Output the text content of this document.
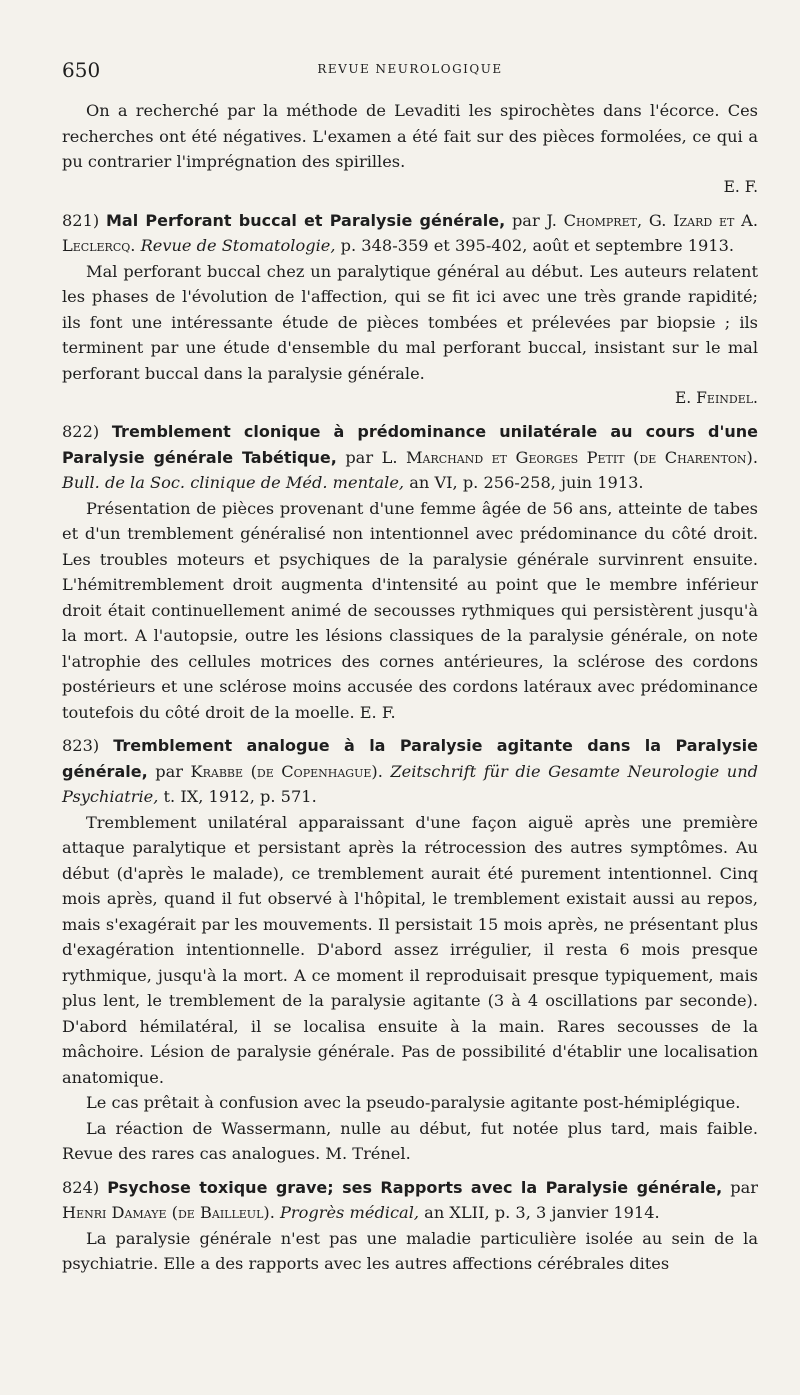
650	REVUE NEUROLOGIQUE

On a recherché par la méthode de Levaditi les spirochètes dans l'écorce. Ces recherches ont été négatives. L'examen a été fait sur des pièces formolées, ce qui a pu contrarier l'imprégnation des spirilles.

E. F.

821) Mal Perforant buccal et Paralysie générale, par J. Chompret, G. Izard et A. Leclercq. Revue de Stomatologie, p. 348-359 et 395-402, août et septembre 1913.

Mal perforant buccal chez un paralytique général au début. Les auteurs relatent les phases de l'évolution de l'affection, qui se fit ici avec une très grande rapidité; ils font une intéressante étude de pièces tombées et prélevées par biopsie ; ils terminent par une étude d'ensemble du mal perforant buccal, insistant sur le mal perforant buccal dans la paralysie générale.

E. Feindel.

822) Tremblement clonique à prédominance unilatérale au cours d'une Paralysie générale Tabétique, par L. Marchand et Georges Petit (de Charenton). Bull. de la Soc. clinique de Méd. mentale, an VI, p. 256-258, juin 1913.

Présentation de pièces provenant d'une femme âgée de 56 ans, atteinte de tabes et d'un tremblement généralisé non intentionnel avec prédominance du côté droit. Les troubles moteurs et psychiques de la paralysie générale survinrent ensuite. L'hémitremblement droit augmenta d'intensité au point que le membre inférieur droit était continuellement animé de secousses rythmiques qui persistèrent jusqu'à la mort. A l'autopsie, outre les lésions classiques de la paralysie générale, on note l'atrophie des cellules motrices des cornes antérieures, la sclérose des cordons postérieurs et une sclérose moins accusée des cordons latéraux avec prédominance toutefois du côté droit de la moelle. E. F.

823) Tremblement analogue à la Paralysie agitante dans la Paralysie générale, par Krabbe (de Copenhague). Zeitschrift für die Gesamte Neurologie und Psychiatrie, t. IX, 1912, p. 571.

Tremblement unilatéral apparaissant d'une façon aiguë après une première attaque paralytique et persistant après la rétrocession des autres symptômes. Au début (d'après le malade), ce tremblement aurait été purement intentionnel. Cinq mois après, quand il fut observé à l'hôpital, le tremblement existait aussi au repos, mais s'exagérait par les mouvements. Il persistait 15 mois après, ne présentant plus d'exagération intentionnelle. D'abord assez irrégulier, il resta 6 mois presque rythmique, jusqu'à la mort. A ce moment il reproduisait presque typiquement, mais plus lent, le tremblement de la paralysie agitante (3 à 4 oscillations par seconde). D'abord hémilatéral, il se localisa ensuite à la main. Rares secousses de la mâchoire. Lésion de paralysie générale. Pas de possibilité d'établir une localisation anatomique.

Le cas prêtait à confusion avec la pseudo-paralysie agitante post-hémiplégique.

La réaction de Wassermann, nulle au début, fut notée plus tard, mais faible. Revue des rares cas analogues. M. Trénel.

824) Psychose toxique grave; ses Rapports avec la Paralysie générale, par Henri Damaye (de Bailleul). Progrès médical, an XLII, p. 3, 3 janvier 1914.

La paralysie générale n'est pas une maladie particulière isolée au sein de la psychiatrie. Elle a des rapports avec les autres affections cérébrales dites
